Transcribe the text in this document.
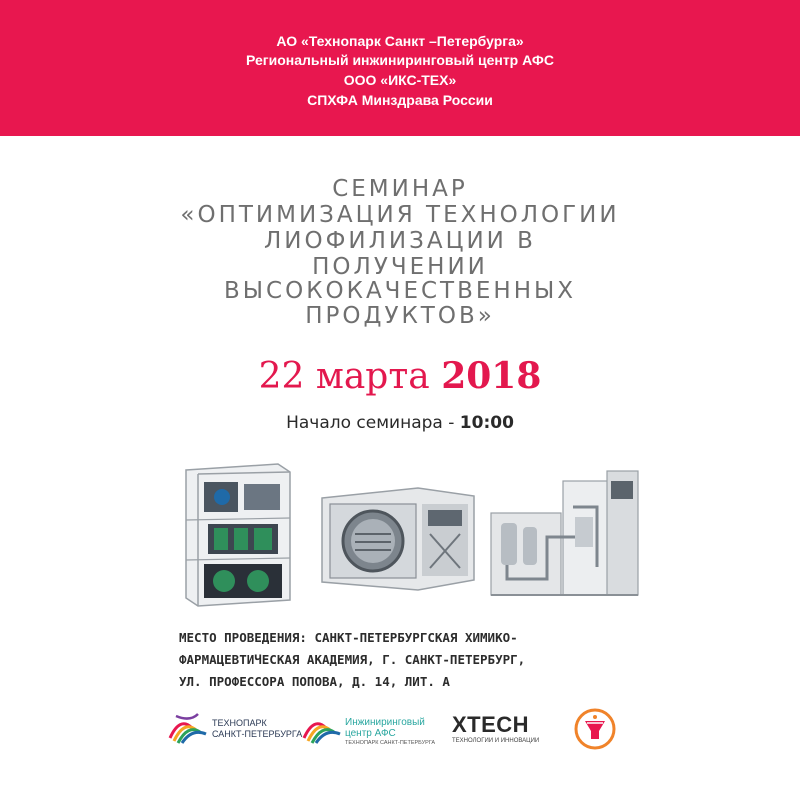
АО «Технопарк Санкт –Петербурга»
Региональный инжиниринговый центр АФС
ООО «ИКС-ТЕХ»
СПХФА Минздрава России
СЕМИНАР
«ОПТИМИЗАЦИЯ ТЕХНОЛОГИИ
ЛИОФИЛИЗАЦИИ В
ПОЛУЧЕНИИ
ВЫСОКОКАЧЕСТВЕННЫХ
ПРОДУКТОВ»
22 марта 2018
Начало семинара - 10:00
МЕСТО ПРОВЕДЕНИЯ: САНКТ-ПЕТЕРБУРГСКАЯ ХИМИКО-
ФАРМАЦЕВТИЧЕСКАЯ АКАДЕМИЯ, Г. САНКТ-ПЕТЕРБУРГ,
УЛ. ПРОФЕССОРА ПОПОВА, Д. 14, ЛИТ. А
ТЕХНОПАРК
САНКТ-ПЕТЕРБУРГА
Инжиниринговый
центр АФС
ТЕХНОПАРК САНКТ-ПЕТЕРБУРГА
XTECH
ТЕХНОЛОГИИ И ИННОВАЦИИ
